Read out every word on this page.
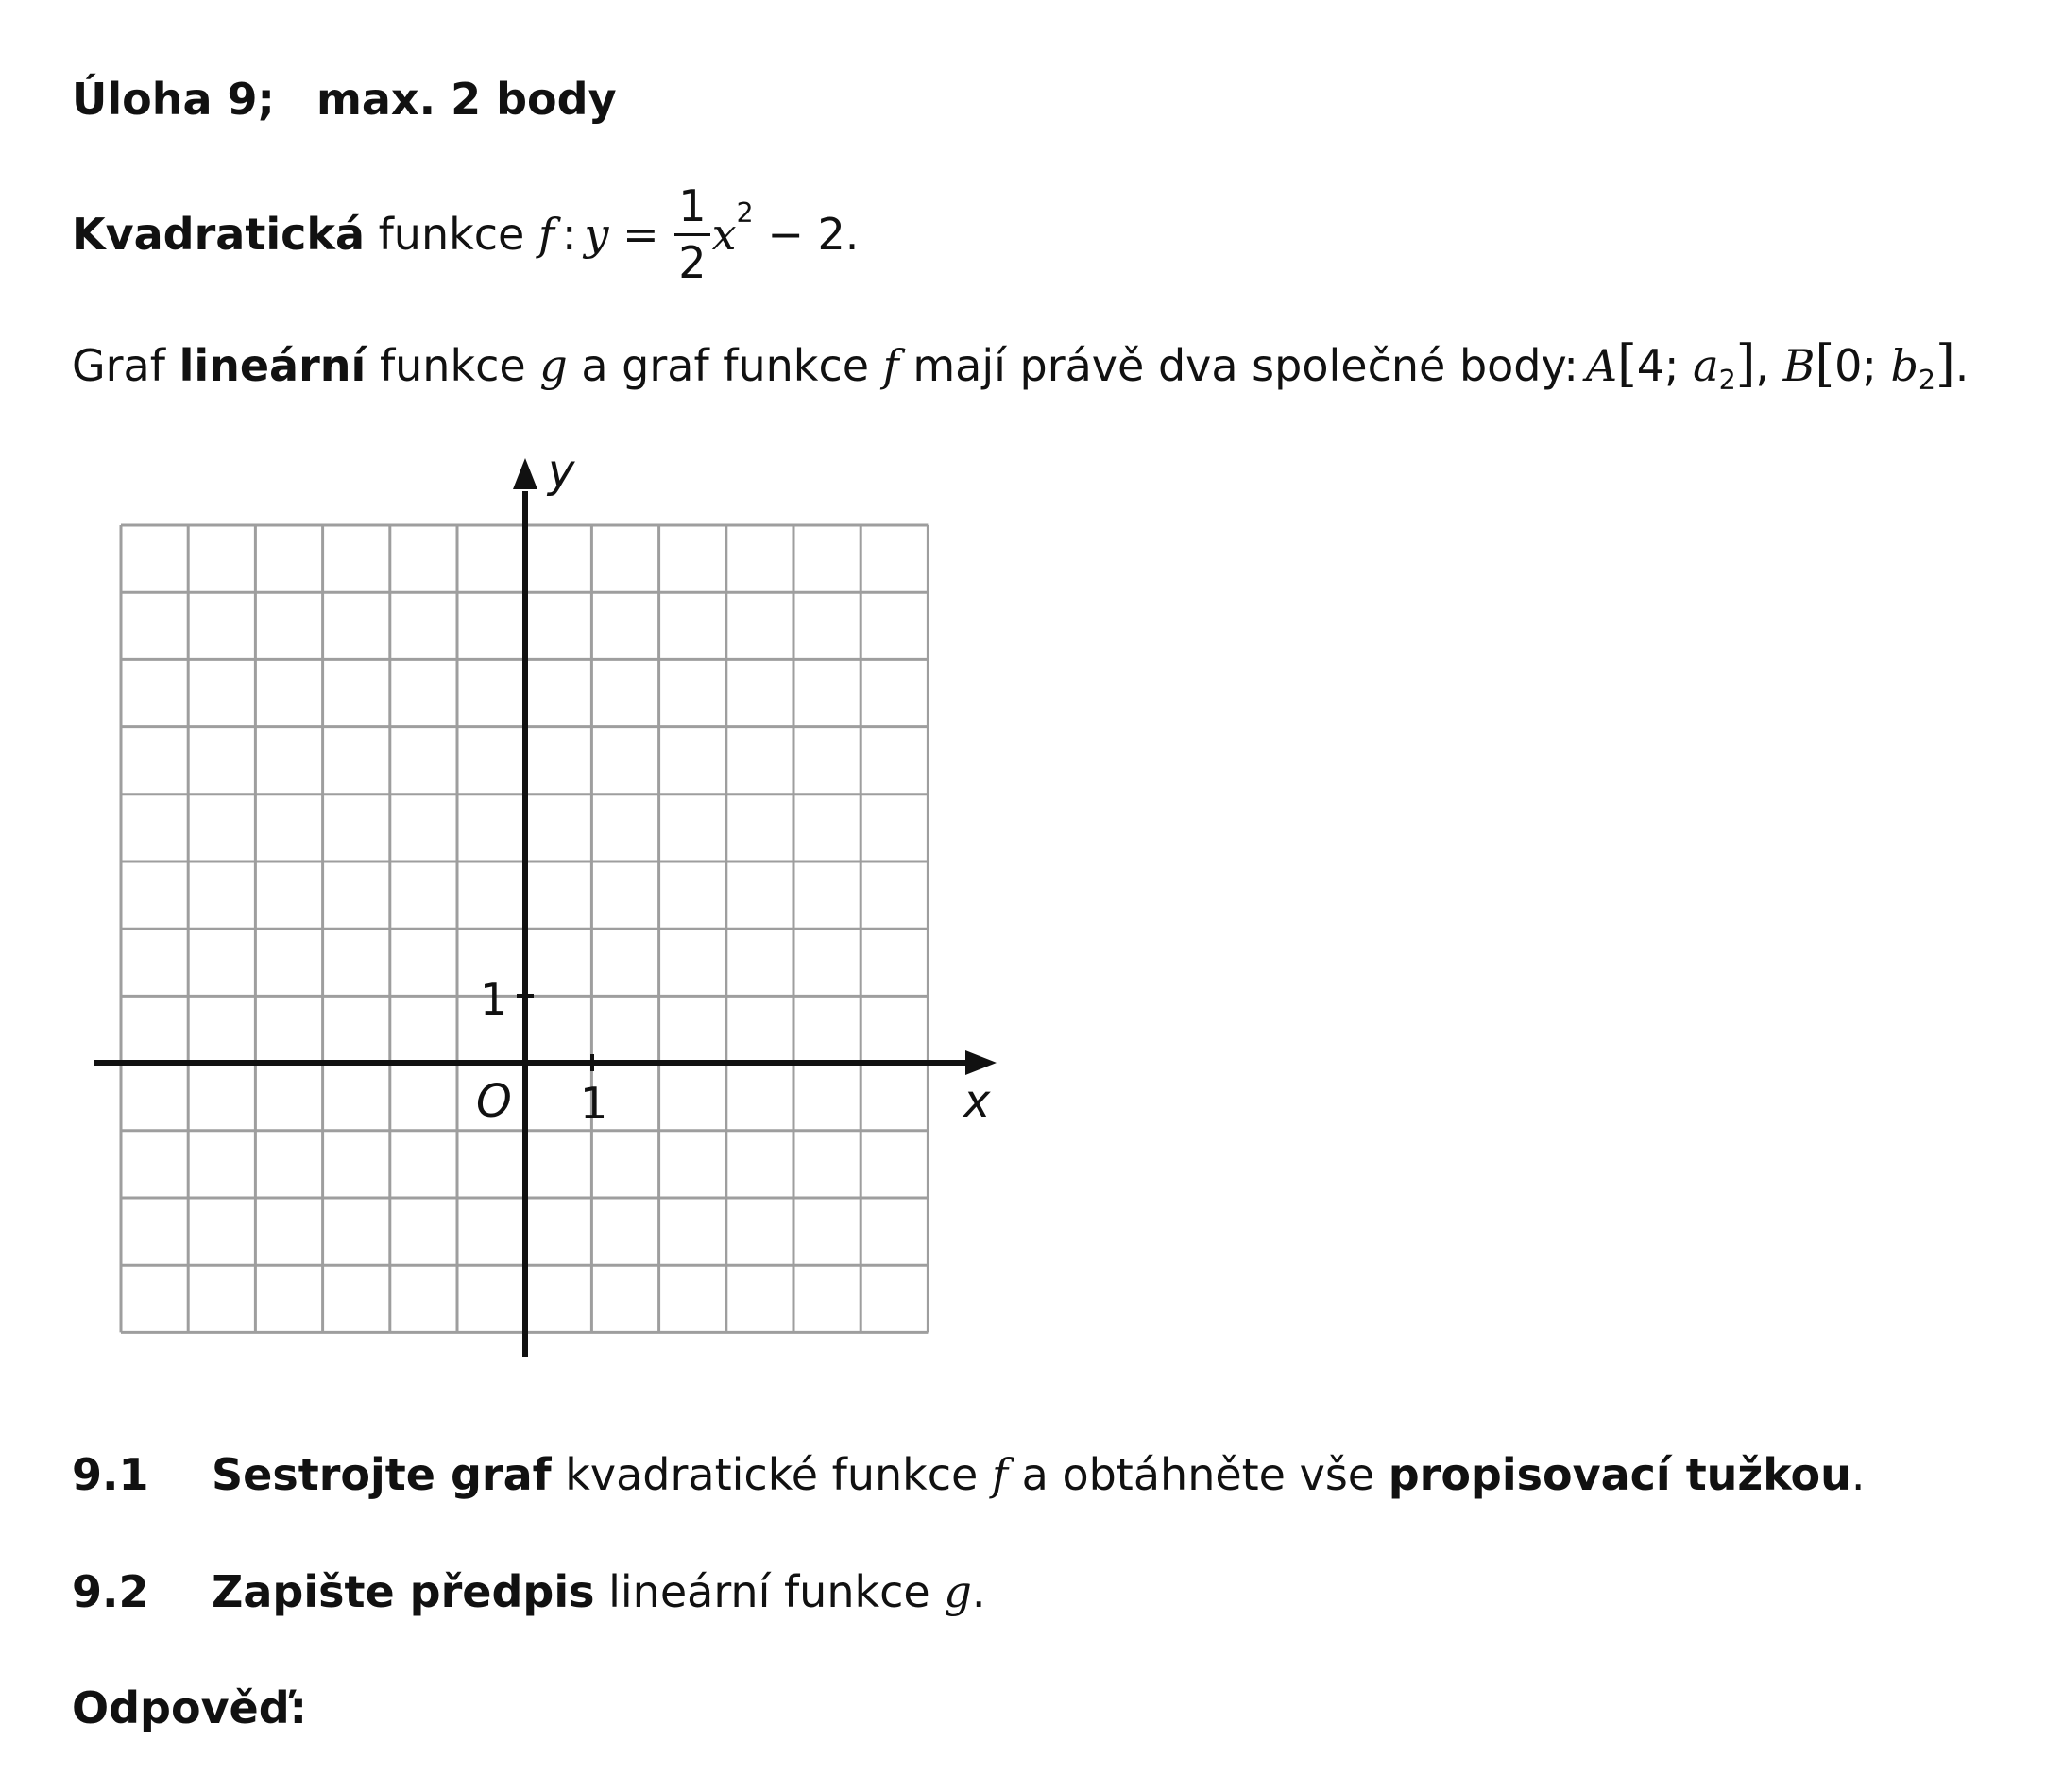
Úloha 9; max. 2 body
Kvadratická
funkce
f : y
=
$\frac{1}{2}$ x 2
− 2.
Graf lineární funkce g a graf funkce f mají právě dva společné body: A[4; a2], B[0; b2].
x
y
O 1
1
9.1	Sestrojte graf kvadratické funkce f a obtáhněte vše propisovací tužkou.
9.2	Zapište předpis lineární funkce g.
Odpověď:
